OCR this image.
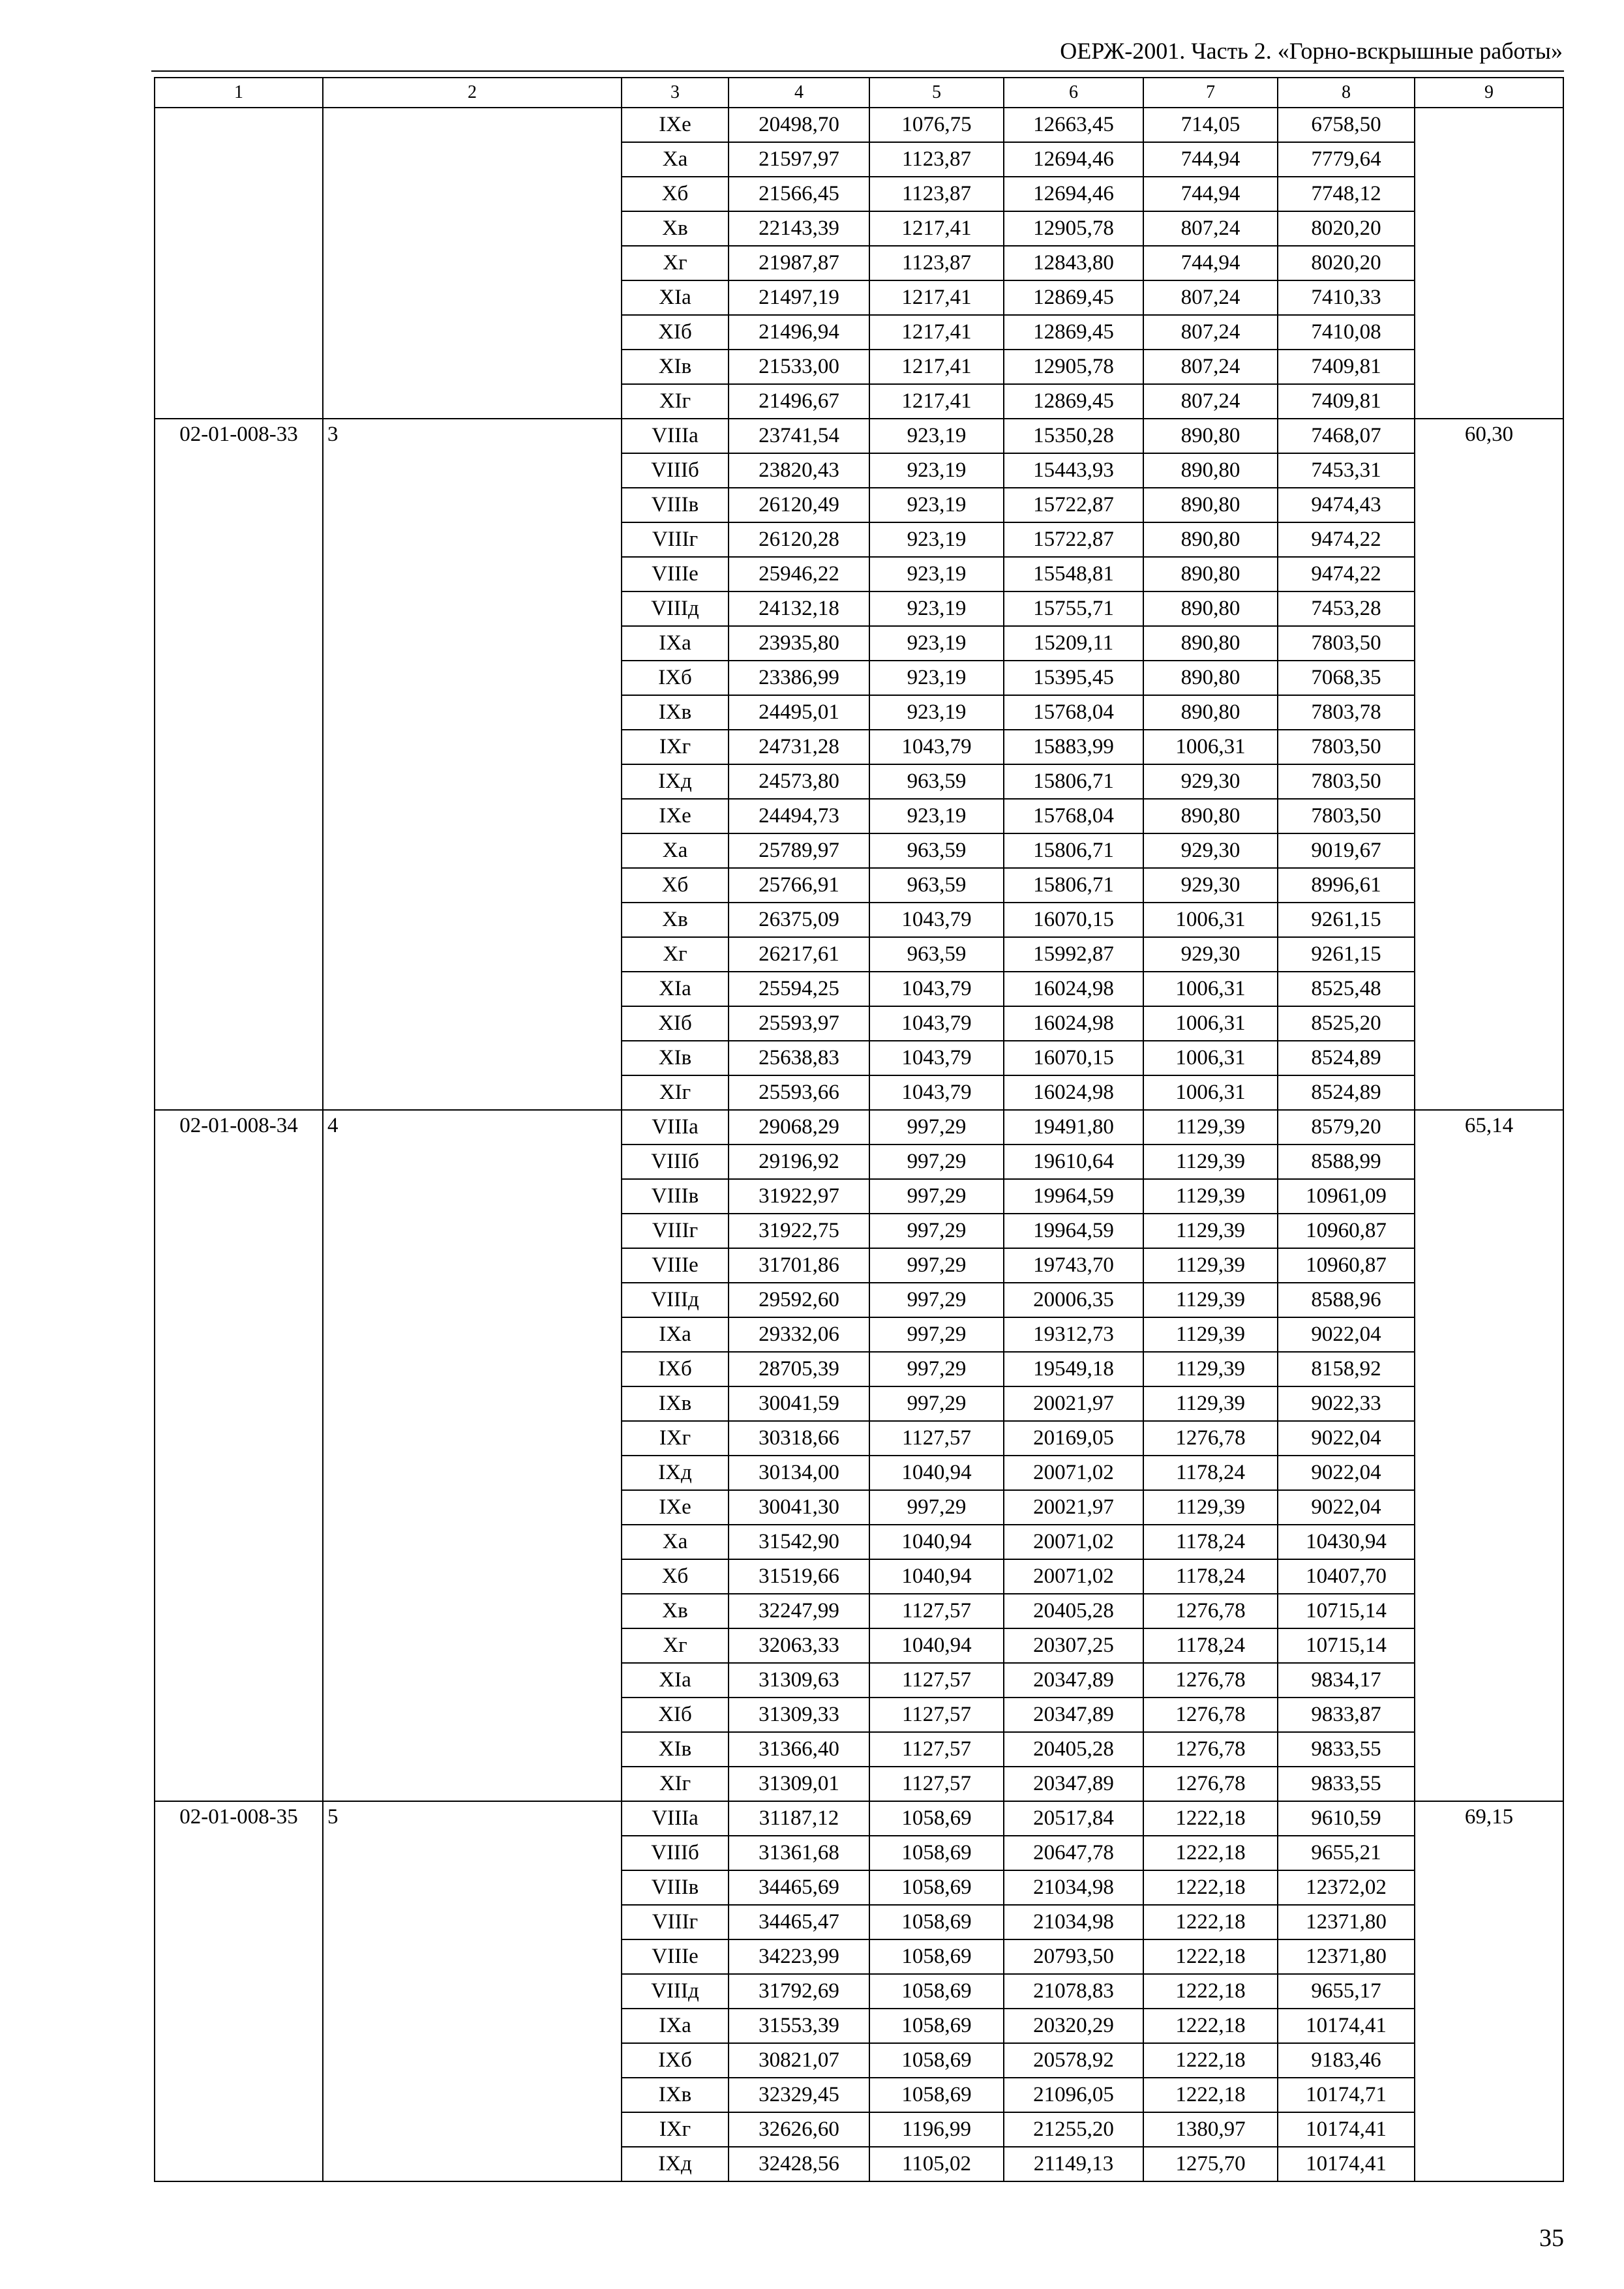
ОЕРЖ-2001. Часть 2. «Горно-вскрышные работы»
1	2	3	4	5	6	7	8	9
		IXе	20498,70	1076,75	12663,45	714,05	6758,50	
		Xа	21597,97	1123,87	12694,46	744,94	7779,64	
		Xб	21566,45	1123,87	12694,46	744,94	7748,12	
		Xв	22143,39	1217,41	12905,78	807,24	8020,20	
		Xг	21987,87	1123,87	12843,80	744,94	8020,20	
		XIа	21497,19	1217,41	12869,45	807,24	7410,33	
		XIб	21496,94	1217,41	12869,45	807,24	7410,08	
		XIв	21533,00	1217,41	12905,78	807,24	7409,81	
		XIг	21496,67	1217,41	12869,45	807,24	7409,81	
02-01-008-33	3	VIIIа	23741,54	923,19	15350,28	890,80	7468,07	60,30
		VIIIб	23820,43	923,19	15443,93	890,80	7453,31	
		VIIIв	26120,49	923,19	15722,87	890,80	9474,43	
		VIIIг	26120,28	923,19	15722,87	890,80	9474,22	
		VIIIе	25946,22	923,19	15548,81	890,80	9474,22	
		VIIIд	24132,18	923,19	15755,71	890,80	7453,28	
		IXа	23935,80	923,19	15209,11	890,80	7803,50	
		IXб	23386,99	923,19	15395,45	890,80	7068,35	
		IXв	24495,01	923,19	15768,04	890,80	7803,78	
		IXг	24731,28	1043,79	15883,99	1006,31	7803,50	
		IXд	24573,80	963,59	15806,71	929,30	7803,50	
		IXе	24494,73	923,19	15768,04	890,80	7803,50	
		Xа	25789,97	963,59	15806,71	929,30	9019,67	
		Xб	25766,91	963,59	15806,71	929,30	8996,61	
		Xв	26375,09	1043,79	16070,15	1006,31	9261,15	
		Xг	26217,61	963,59	15992,87	929,30	9261,15	
		XIа	25594,25	1043,79	16024,98	1006,31	8525,48	
		XIб	25593,97	1043,79	16024,98	1006,31	8525,20	
		XIв	25638,83	1043,79	16070,15	1006,31	8524,89	
		XIг	25593,66	1043,79	16024,98	1006,31	8524,89	
02-01-008-34	4	VIIIа	29068,29	997,29	19491,80	1129,39	8579,20	65,14
		VIIIб	29196,92	997,29	19610,64	1129,39	8588,99	
		VIIIв	31922,97	997,29	19964,59	1129,39	10961,09	
		VIIIг	31922,75	997,29	19964,59	1129,39	10960,87	
		VIIIе	31701,86	997,29	19743,70	1129,39	10960,87	
		VIIIд	29592,60	997,29	20006,35	1129,39	8588,96	
		IXа	29332,06	997,29	19312,73	1129,39	9022,04	
		IXб	28705,39	997,29	19549,18	1129,39	8158,92	
		IXв	30041,59	997,29	20021,97	1129,39	9022,33	
		IXг	30318,66	1127,57	20169,05	1276,78	9022,04	
		IXд	30134,00	1040,94	20071,02	1178,24	9022,04	
		IXе	30041,30	997,29	20021,97	1129,39	9022,04	
		Xа	31542,90	1040,94	20071,02	1178,24	10430,94	
		Xб	31519,66	1040,94	20071,02	1178,24	10407,70	
		Xв	32247,99	1127,57	20405,28	1276,78	10715,14	
		Xг	32063,33	1040,94	20307,25	1178,24	10715,14	
		XIа	31309,63	1127,57	20347,89	1276,78	9834,17	
		XIб	31309,33	1127,57	20347,89	1276,78	9833,87	
		XIв	31366,40	1127,57	20405,28	1276,78	9833,55	
		XIг	31309,01	1127,57	20347,89	1276,78	9833,55	
02-01-008-35	5	VIIIа	31187,12	1058,69	20517,84	1222,18	9610,59	69,15
		VIIIб	31361,68	1058,69	20647,78	1222,18	9655,21	
		VIIIв	34465,69	1058,69	21034,98	1222,18	12372,02	
		VIIIг	34465,47	1058,69	21034,98	1222,18	12371,80	
		VIIIе	34223,99	1058,69	20793,50	1222,18	12371,80	
		VIIIд	31792,69	1058,69	21078,83	1222,18	9655,17	
		IXа	31553,39	1058,69	20320,29	1222,18	10174,41	
		IXб	30821,07	1058,69	20578,92	1222,18	9183,46	
		IXв	32329,45	1058,69	21096,05	1222,18	10174,71	
		IXг	32626,60	1196,99	21255,20	1380,97	10174,41	
		IXд	32428,56	1105,02	21149,13	1275,70	10174,41	
35
